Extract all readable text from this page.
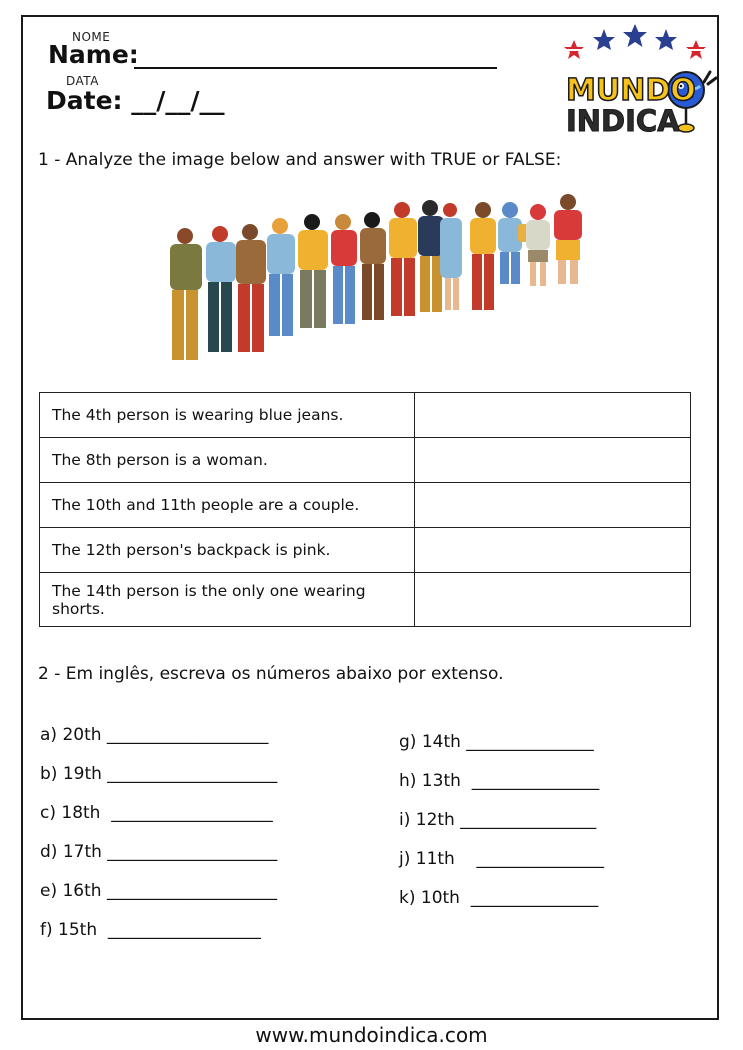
NOME
Name:
DATA
Date: __/__/__	MUNDO
INDICA
1 - Analyze the image below and answer with TRUE or FALSE:
The 4th person is wearing blue jeans.	
The 8th person is a woman.	
The 10th and 11th people are a couple.	
The 12th person's backpack is pink.	
The 14th person is the only one wearing shorts.	
2 - Em inglês, escreva os números abaixo por extenso.
a) 20th ___________________
b) 19th ____________________
c) 18th  ___________________
d) 17th ____________________
e) 16th ____________________
f) 15th  __________________
g) 14th _______________
h) 13th  _______________
i) 12th ________________
j) 11th    _______________
k) 10th  _______________
www.mundoindica.com
